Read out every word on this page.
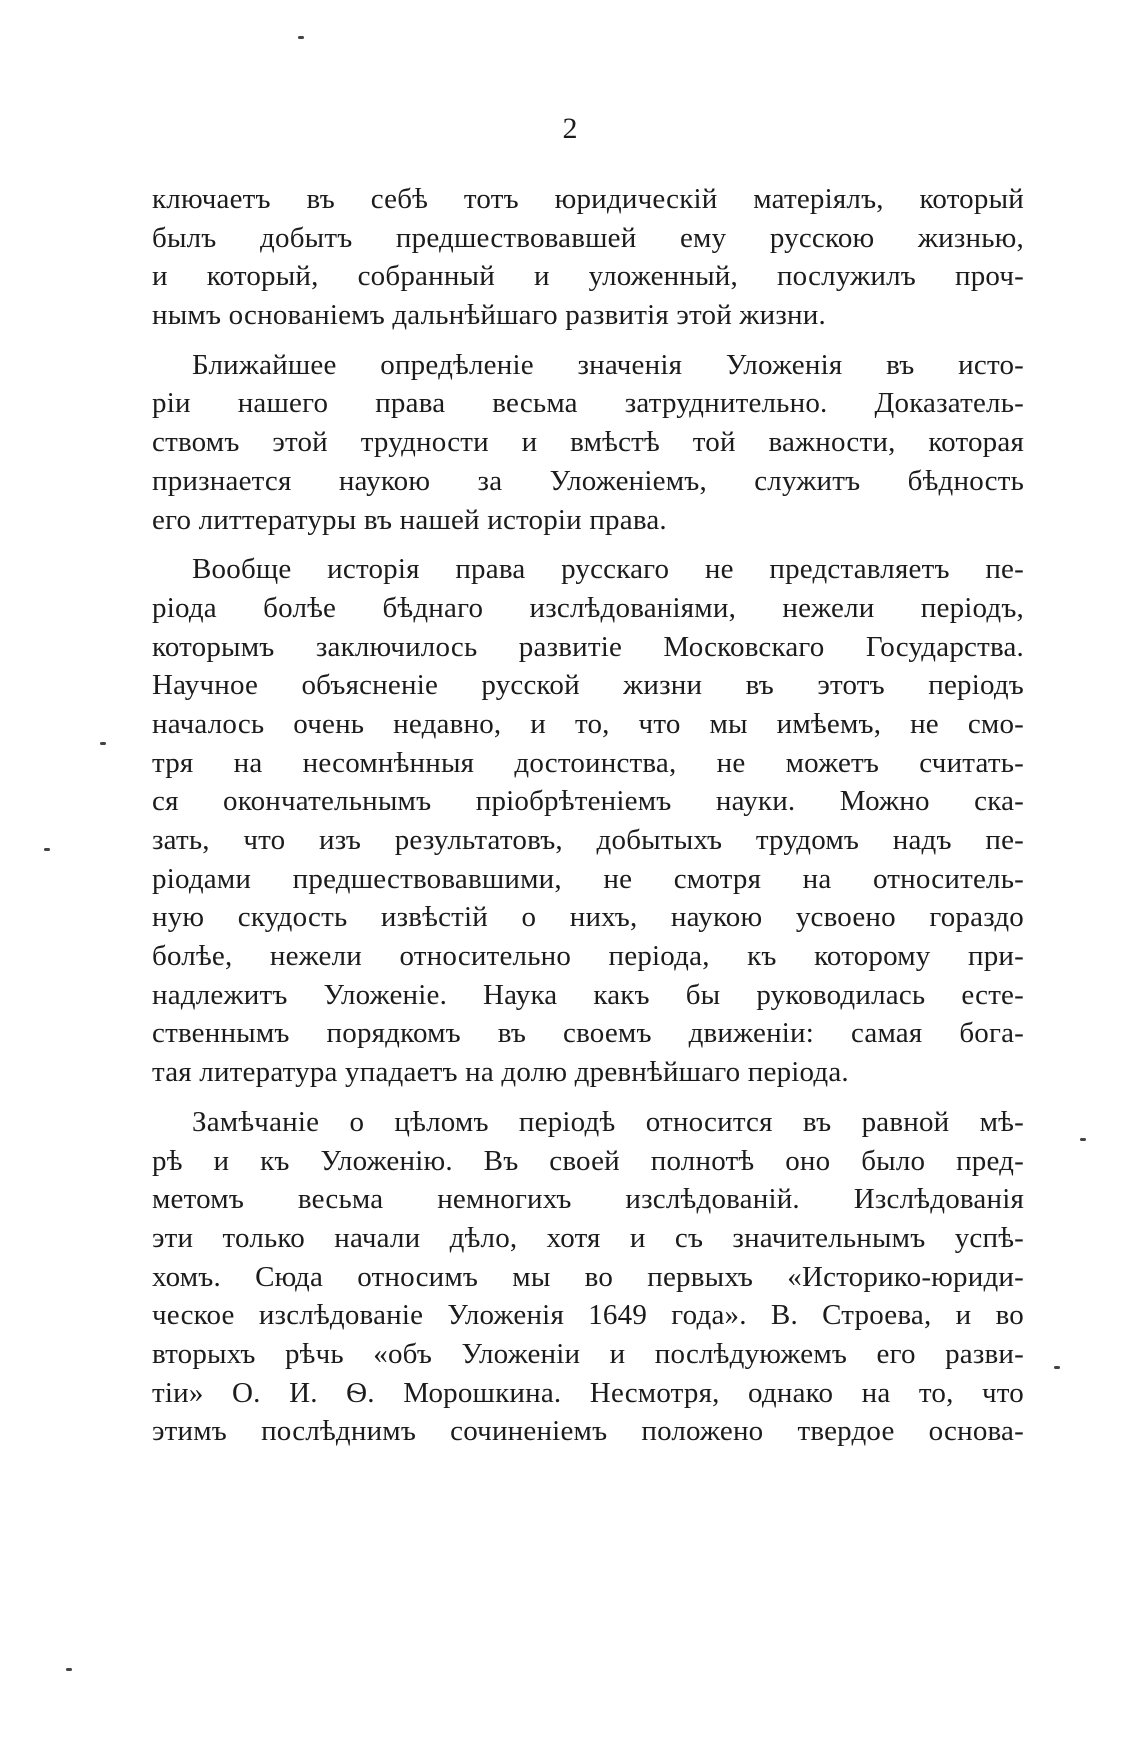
2
ключаетъ въ себѣ тотъ юридическій матеріялъ, который
былъ добытъ предшествовавшей ему русскою жизнью,
и который, собранный и уложенный, послужилъ проч-
нымъ основаніемъ дальнѣйшаго развитія этой жизни.
Ближайшее опредѣленіе значенія Уложенія въ исто-
ріи нашего права весьма затруднительно. Доказатель-
ствомъ этой трудности и вмѣстѣ той важности, которая
признается наукою за Уложеніемъ, служитъ бѣдность
его литтературы въ нашей исторіи права.
Вообще исторія права русскаго не представляетъ пе-
ріода болѣе бѣднаго изслѣдованіями, нежели періодъ,
которымъ заключилось развитіе Московскаго Государства.
Научное объясненіе русской жизни въ этотъ періодъ
началось очень недавно, и то, что мы имѣемъ, не смо-
тря на несомнѣнныя достоинства, не можетъ считать-
ся окончательнымъ пріобрѣтеніемъ науки. Можно ска-
зать, что изъ результатовъ, добытыхъ трудомъ надъ пе-
ріодами предшествовавшими, не смотря на относитель-
ную скудость извѣстій о нихъ, наукою усвоено гораздо
болѣе, нежели относительно періода, къ которому при-
надлежитъ Уложеніе. Наука какъ бы руководилась есте-
ственнымъ порядкомъ въ своемъ движеніи: самая бога-
тая литература упадаетъ на долю древнѣйшаго періода.
Замѣчаніе о цѣломъ періодѣ относится въ равной мѣ-
рѣ и къ Уложенію. Въ своей полнотѣ оно было пред-
метомъ весьма немногихъ изслѣдованій. Изслѣдованія
эти только начали дѣло, хотя и съ значительнымъ успѣ-
хомъ. Сюда относимъ мы во первыхъ «Историко-юриди-
ческое изслѣдованіе Уложенія 1649 года». В. Строева, и во
вторыхъ рѣчь «объ Уложеніи и послѣдуюжемъ его разви-
тіи» О. И. Ѳ. Морошкина. Несмотря, однако на то, что
этимъ послѣднимъ сочиненіемъ положено твердое основа-
